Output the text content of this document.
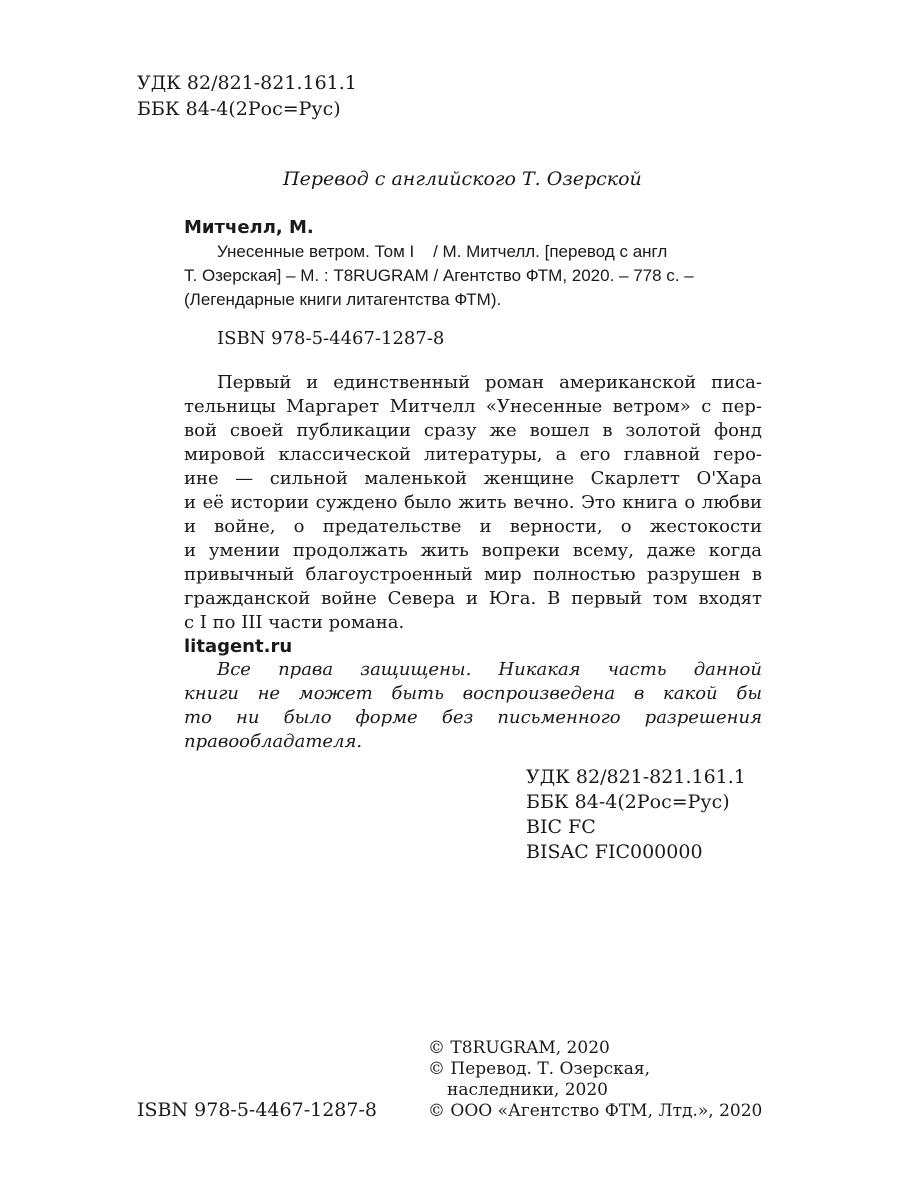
УДК 82/821-821.161.1
ББК 84-4(2Рос=Рус)
Перевод с английского Т. Озерской
Митчелл, М.
Унесенные ветром. Том I    / М. Митчелл. [перевод с англ
Т. Озерская] – М. : T8RUGRAM / Агентство ФТМ, 2020. – 778 с. –
(Легендарные книги литагентства ФТМ).
ISBN 978-5-4467-1287-8
Первый и единственный роман американской писа-
тельницы Маргарет Митчелл «Унесенные ветром» с пер-
вой своей публикации сразу же вошел в золотой фонд
мировой классической литературы, а его главной геро-
ине — сильной маленькой женщине Скарлетт О'Хара
и её истории суждено было жить вечно. Это книга о любви
и войне, о предательстве и верности, о жестокости
и умении продолжать жить вопреки всему, даже когда
привычный благоустроенный мир полностью разрушен в
гражданской войне Севера и Юга. В первый том входят
с I по III части романа.
litagent.ru
Все права защищены. Никакая часть данной
книги не может быть воспроизведена в какой бы
то ни было форме без письменного разрешения
правообладателя.
УДК 82/821-821.161.1
ББК 84-4(2Рос=Рус)
BIC FC
BISAC FIC000000
© T8RUGRAM, 2020
© Перевод. Т. Озерская,
наследники, 2020
© ООО «Агентство ФТМ, Лтд.», 2020
ISBN 978-5-4467-1287-8
